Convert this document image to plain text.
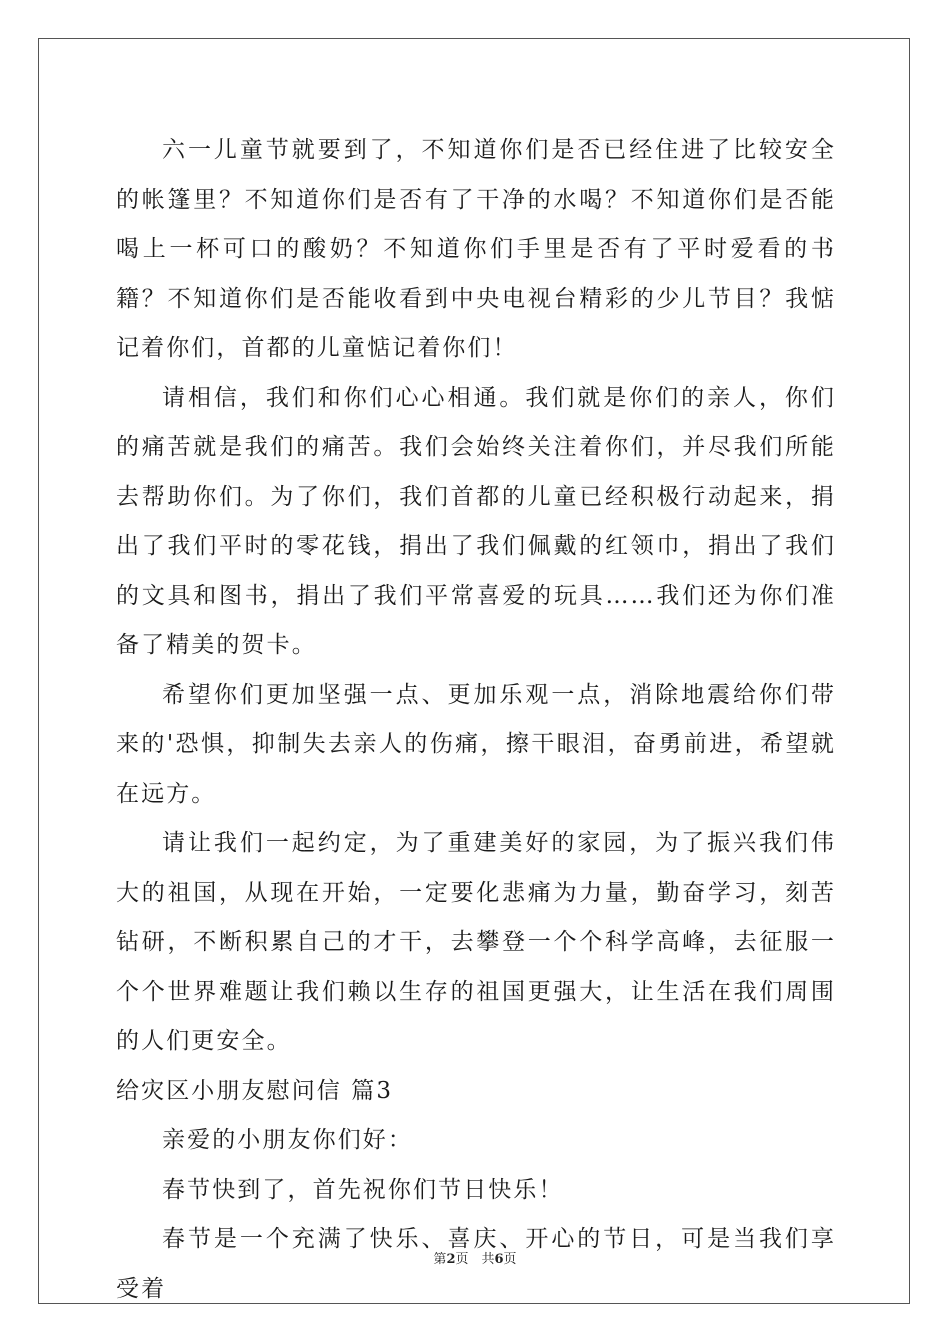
六一儿童节就要到了，不知道你们是否已经住进了比较安全的帐篷里？不知道你们是否有了干净的水喝？不知道你们是否能喝上一杯可口的酸奶？不知道你们手里是否有了平时爱看的书籍？不知道你们是否能收看到中央电视台精彩的少儿节目？我惦记着你们，首都的儿童惦记着你们！

请相信，我们和你们心心相通。我们就是你们的亲人，你们的痛苦就是我们的痛苦。我们会始终关注着你们，并尽我们所能去帮助你们。为了你们，我们首都的儿童已经积极行动起来，捐出了我们平时的零花钱，捐出了我们佩戴的红领巾，捐出了我们的文具和图书，捐出了我们平常喜爱的玩具……我们还为你们准备了精美的贺卡。

希望你们更加坚强一点、更加乐观一点，消除地震给你们带来的'恐惧，抑制失去亲人的伤痛，擦干眼泪，奋勇前进，希望就在远方。

请让我们一起约定，为了重建美好的家园，为了振兴我们伟大的祖国，从现在开始，一定要化悲痛为力量，勤奋学习，刻苦钻研，不断积累自己的才干，去攀登一个个科学高峰，去征服一个个世界难题让我们赖以生存的祖国更强大，让生活在我们周围的人们更安全。

给灾区小朋友慰问信 篇3

亲爱的小朋友你们好：

春节快到了，首先祝你们节日快乐！

春节是一个充满了快乐、喜庆、开心的节日，可是当我们享受着

第2页　共6页
